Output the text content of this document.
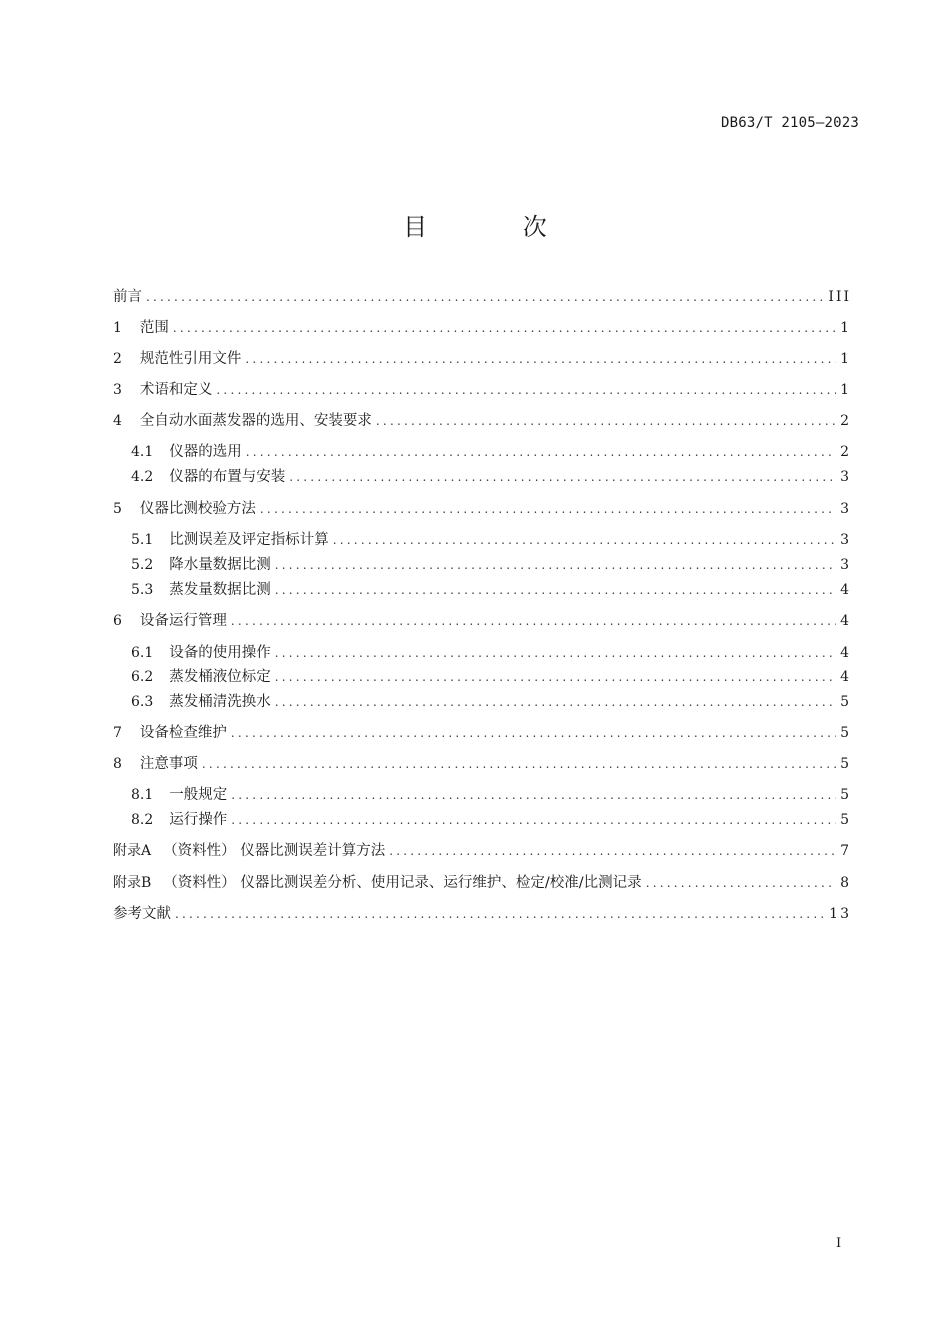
DB63/T 2105—2023
目 次
前言 .....	III
1 范围 .....	1
2 规范性引用文件 .....	1
3 术语和定义 .....	1
4 全自动水面蒸发器的选用、安装要求 .....	2
4.1 仪器的选用 .....	2
4.2 仪器的布置与安装 .....	3
5 仪器比测校验方法 .....	3
5.1 比测误差及评定指标计算 .....	3
5.2 降水量数据比测 .....	3
5.3 蒸发量数据比测 .....	4
6 设备运行管理 .....	4
6.1 设备的使用操作 .....	4
6.2 蒸发桶液位标定 .....	4
6.3 蒸发桶清洗换水 .....	5
7 设备检查维护 .....	5
8 注意事项 .....	5
8.1 一般规定 .....	5
8.2 运行操作 .....	5
附录A （资料性） 仪器比测误差计算方法 .....	7
附录B （资料性） 仪器比测误差分析、使用记录、运行维护、检定/校准/比测记录 .....	8
参考文献 .....	13
I
